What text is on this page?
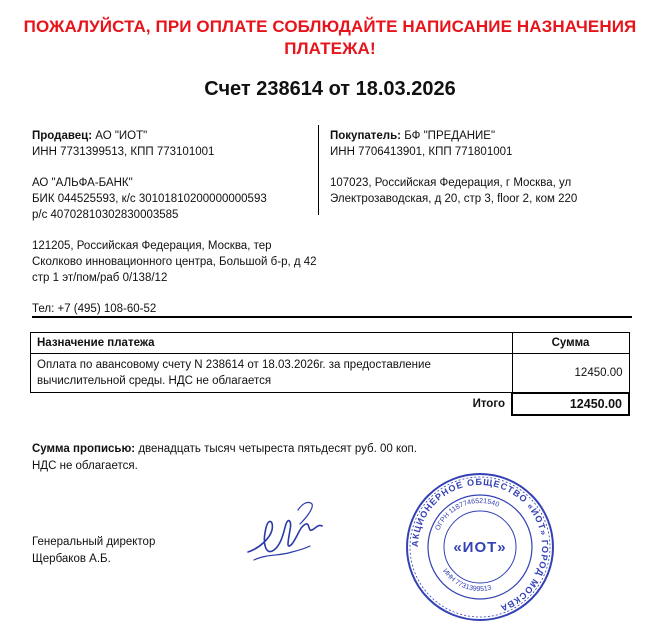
ПОЖАЛУЙСТА, ПРИ ОПЛАТЕ СОБЛЮДАЙТЕ НАПИСАНИЕ НАЗНАЧЕНИЯ
ПЛАТЕЖА!
Счет 238614 от 18.03.2026
Продавец: АО "ИОТ"
ИНН 7731399513, КПП 773101001
АО "АЛЬФА-БАНК"
БИК 044525593, к/с 30101810200000000593
р/с 40702810302830003585
121205, Российская Федерация, Москва, тер
Сколково инновационного центра, Большой б-р, д 42
стр 1 эт/пом/раб 0/138/12
Тел: +7 (495) 108-60-52
Покупатель: БФ "ПРЕДАНИЕ"
ИНН 7706413901, КПП 771801001
107023, Российская Федерация, г Москва, ул
Электрозаводская, д 20, стр 3, floor 2, ком 220
Назначение платежа	Сумма

Оплата по авансовому счету N 238614 от 18.03.2026г. за предоставление
вычислительной среды. НДС не облагается	12450.00
Итого	12450.00
Сумма прописью: двенадцать тысяч четыреста пятьдесят руб. 00 коп.
НДС не облагается.
Генеральный директор
Щербаков А.Б.
АКЦИОНЕРНОЕ ОБЩЕСТВО «ИОТ» ГОРОД МОСКВА
ОГРН 1187746521540
ИНН 7731399513
«ИОТ»
